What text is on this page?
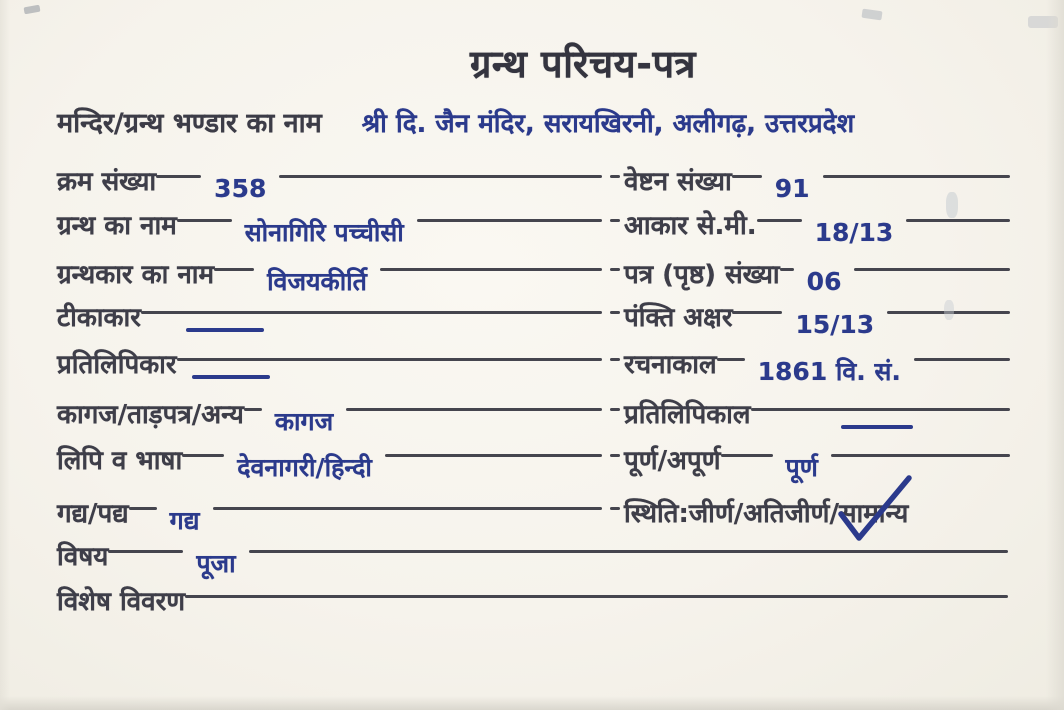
ग्रन्थ परिचय-पत्र
मन्दिर/ग्रन्थ भण्डार का नाम श्री दि. जैन मंदिर, सरायखिरनी, अलीगढ़, उत्तरप्रदेश
क्रम संख्या	358
ग्रन्थ का नाम	सोनागिरि पच्चीसी
ग्रन्थकार का नाम	विजयकीर्ति
टीकाकार
प्रतिलिपिकार
कागज/ताड़पत्र/अन्य	कागज
लिपि व भाषा	देवनागरी/हिन्दी
गद्य/पद्य	गद्य
विषय	पूजा
विशेष विवरण
वेष्टन संख्या	91
आकार से.मी.	18/13
पत्र (पृष्ठ) संख्या	06
पंक्ति अक्षर	15/13
रचनाकाल	1861 वि. सं.
प्रतिलिपिकाल
पूर्ण/अपूर्ण	पूर्ण
स्थिति:जीर्ण/अतिजीर्ण/ सामान्य
